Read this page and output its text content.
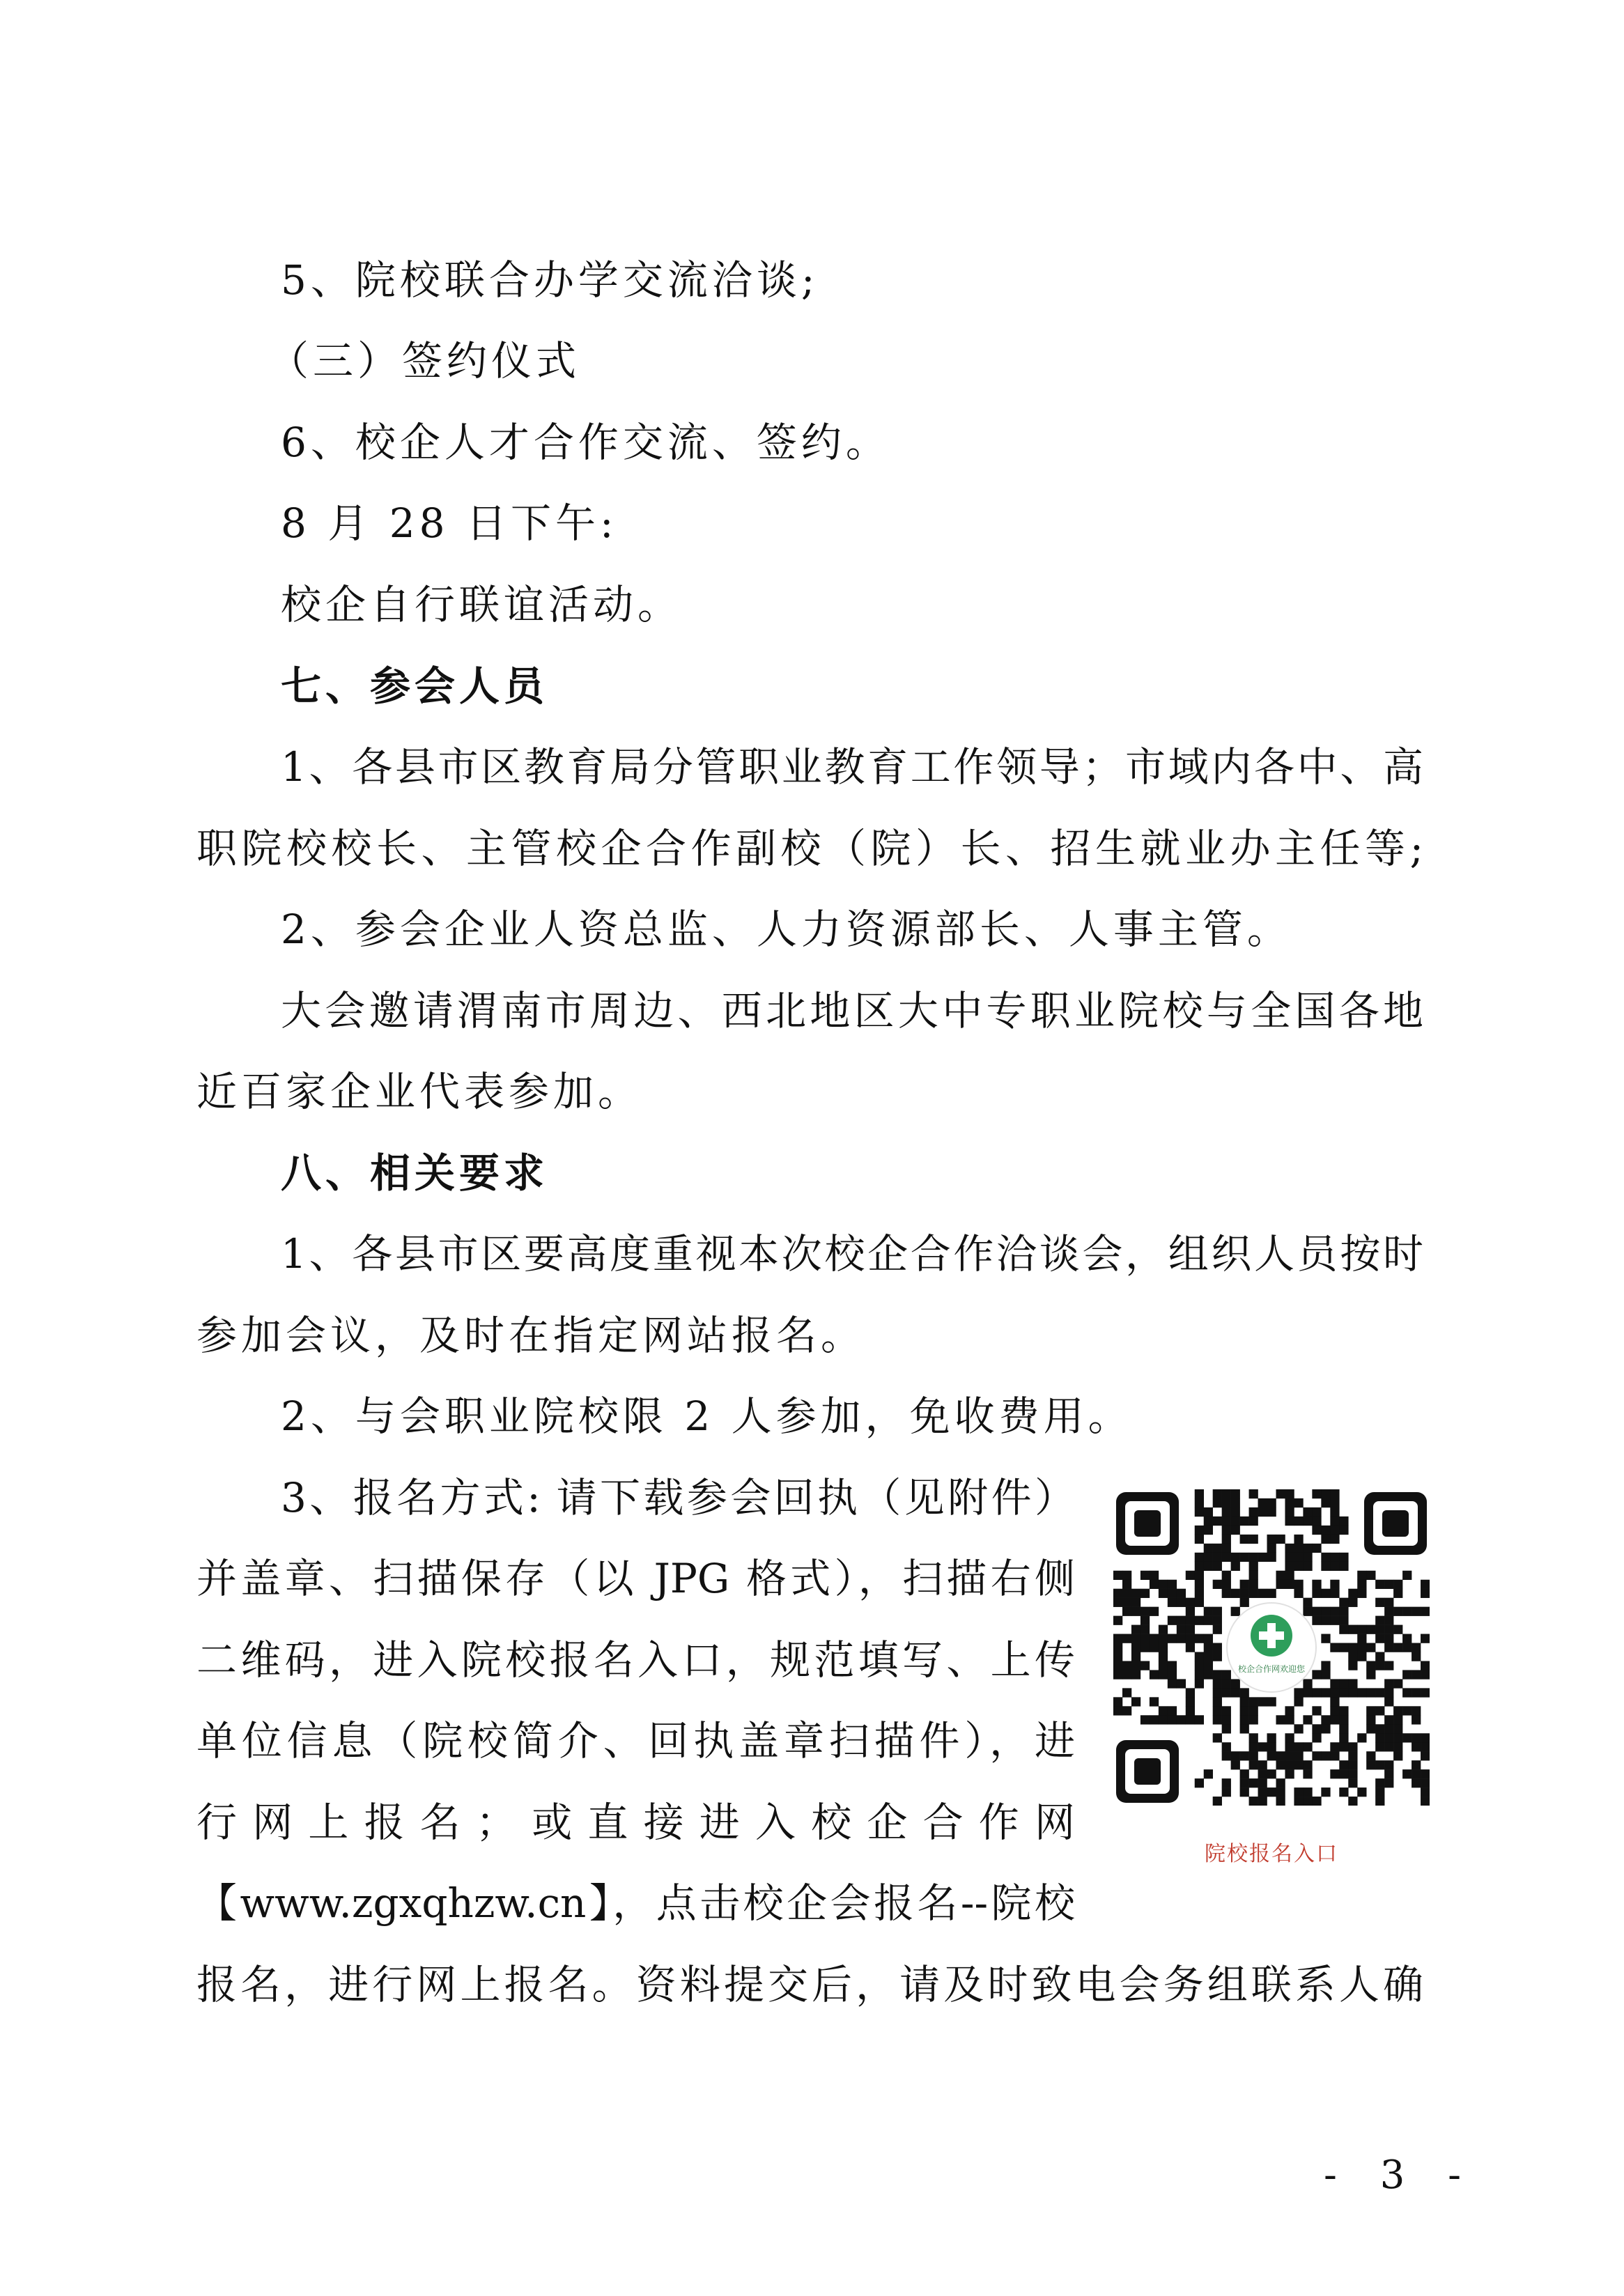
5、院校联合办学交流洽谈;
（三）签约仪式
6、校企人才合作交流、签约。
8 月 28 日下午:
校企自行联谊活动。
七、参会人员
1、各县市区教育局分管职业教育工作领导；市域内各中、高
职院校校长、主管校企合作副校（院）长、招生就业办主任等;
2、参会企业人资总监、人力资源部长、人事主管。
大会邀请渭南市周边、西北地区大中专职业院校与全国各地
近百家企业代表参加。
八、相关要求
1、各县市区要高度重视本次校企合作洽谈会，组织人员按时
参加会议，及时在指定网站报名。
2、与会职业院校限 2 人参加，免收费用。
3、报名方式: 请下载参会回执（见附件）
并盖章、扫描保存（以 JPG 格式），扫描右侧
二维码，进入院校报名入口，规范填写、上传
单位信息（院校简介、回执盖章扫描件），进
行网上报名；或直接进入校企合作网
【www.zgxqhzw.cn】，点击校企会报名--院校
报名，进行网上报名。资料提交后，请及时致电会务组联系人确
校企合作网欢迎您
院校报名入口
- 3 -
